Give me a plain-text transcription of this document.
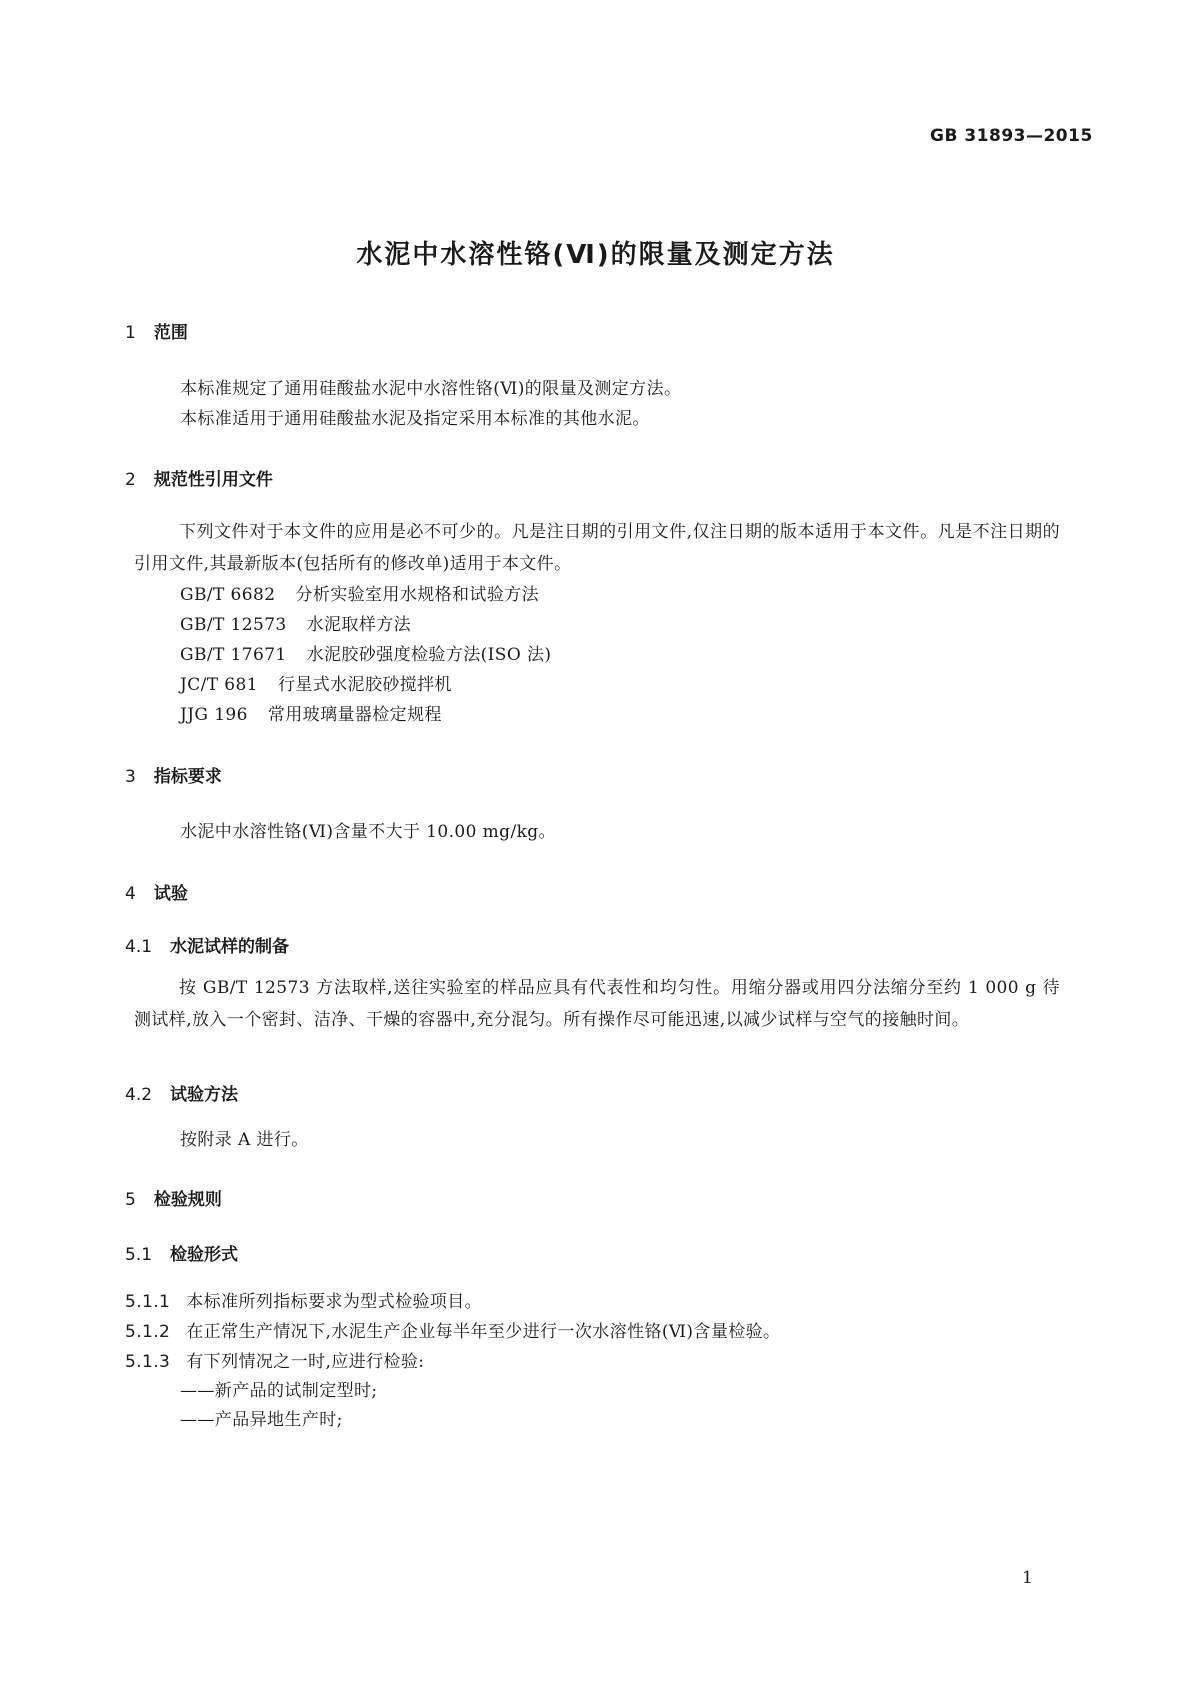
GB 31893—2015
水泥中水溶性铬(Ⅵ)的限量及测定方法
1 范围
本标准规定了通用硅酸盐水泥中水溶性铬(Ⅵ)的限量及测定方法。
本标准适用于通用硅酸盐水泥及指定采用本标准的其他水泥。
2 规范性引用文件
下列文件对于本文件的应用是必不可少的。凡是注日期的引用文件,仅注日期的版本适用于本文件。凡是不注日期的引用文件,其最新版本(包括所有的修改单)适用于本文件。
GB/T 6682 分析实验室用水规格和试验方法
GB/T 12573 水泥取样方法
GB/T 17671 水泥胶砂强度检验方法(ISO 法)
JC/T 681 行星式水泥胶砂搅拌机
JJG 196 常用玻璃量器检定规程
3 指标要求
水泥中水溶性铬(Ⅵ)含量不大于 10.00 mg/kg。
4 试验
4.1 水泥试样的制备
按 GB/T 12573 方法取样,送往实验室的样品应具有代表性和均匀性。用缩分器或用四分法缩分至约 1 000 g 待测试样,放入一个密封、洁净、干燥的容器中,充分混匀。所有操作尽可能迅速,以减少试样与空气的接触时间。
4.2 试验方法
按附录 A 进行。
5 检验规则
5.1 检验形式
5.1.1 本标准所列指标要求为型式检验项目。
5.1.2 在正常生产情况下,水泥生产企业每半年至少进行一次水溶性铬(Ⅵ)含量检验。
5.1.3 有下列情况之一时,应进行检验:
——新产品的试制定型时;
——产品异地生产时;
1
